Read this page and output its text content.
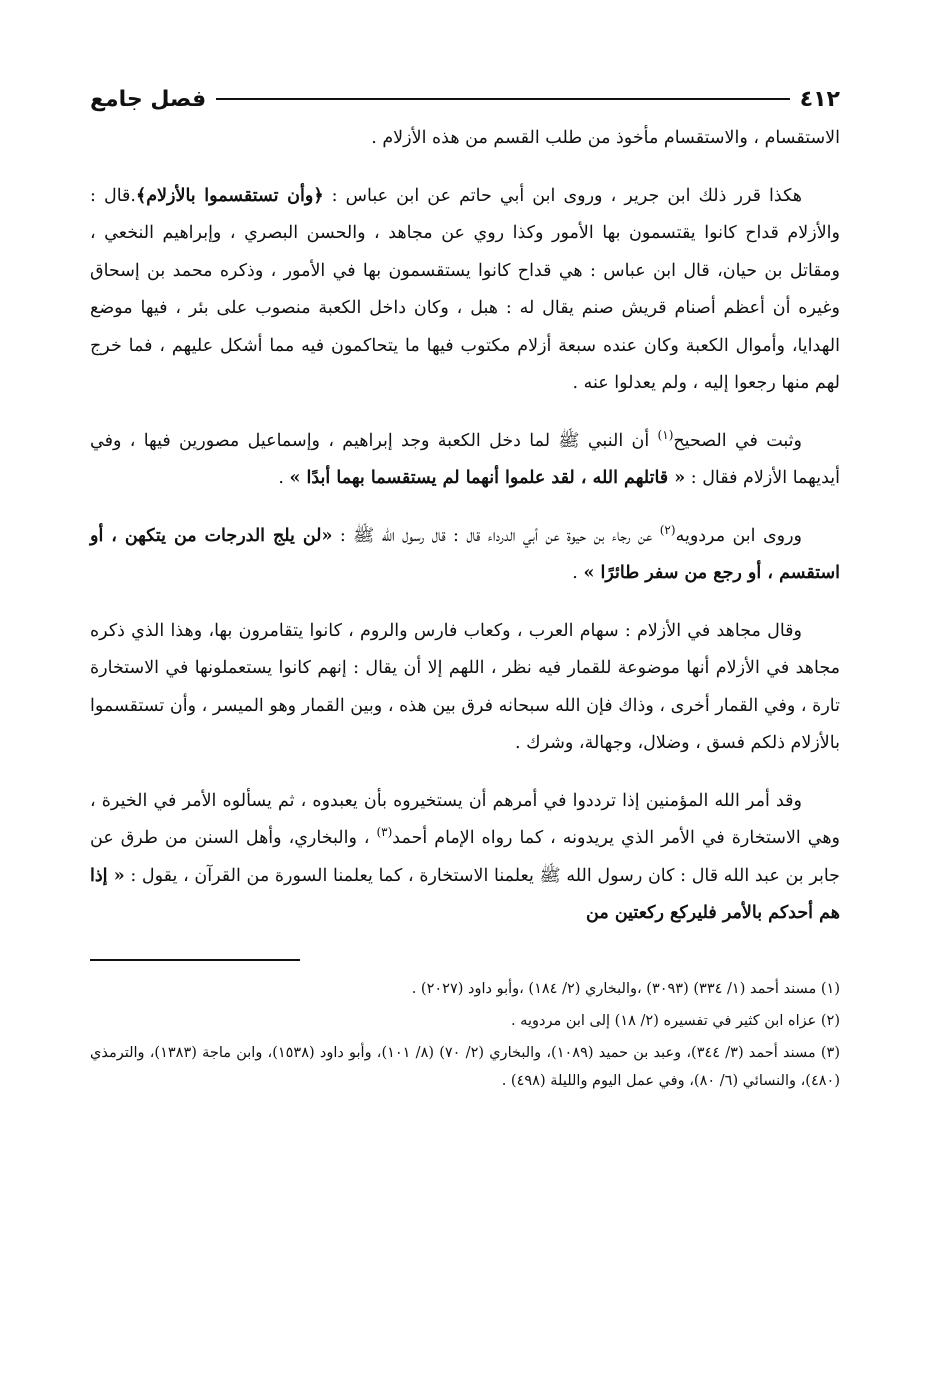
٤١٢
فصل جامع

الاستقسام ، والاستقسام مأخوذ من طلب القسم من هذه الأزلام .

هكذا قرر ذلك ابن جرير ، وروى ابن أبي حاتم عن ابن عباس : ﴿وأن تستقسموا بالأزلام﴾.قال : والأزلام قداح كانوا يقتسمون بها الأمور وكذا روي عن مجاهد ، والحسن البصري ، وإبراهيم النخعي ، ومقاتل بن حيان، قال ابن عباس : هي قداح كانوا يستقسمون بها في الأمور ، وذكره محمد بن إسحاق وغيره أن أعظم أصنام قريش صنم يقال له : هبل ، وكان داخل الكعبة منصوب على بئر ، فيها موضع الهدايا، وأموال الكعبة وكان عنده سبعة أزلام مكتوب فيها ما يتحاكمون فيه مما أشكل عليهم ، فما خرج لهم منها رجعوا إليه ، ولم يعدلوا عنه .

وثبت في الصحيح$^{(١)}$ أن النبي ﷺ لما دخل الكعبة وجد إبراهيم ، وإسماعيل مصورين فيها ، وفي أيديهما الأزلام فقال : « قاتلهم الله ، لقد علموا أنهما لم يستقسما بهما أبدًا » .

وروى ابن مردويه$^{(٢)}$ عن رجاء بن حيوة عن أبي الدرداء قال : قال رسول الله ﷺ : «لن يلج الدرجات من يتكهن ، أو استقسم ، أو رجع من سفر طائرًا » .

وقال مجاهد في الأزلام : سهام العرب ، وكعاب فارس والروم ، كانوا يتقامرون بها، وهذا الذي ذكره مجاهد في الأزلام أنها موضوعة للقمار فيه نظر ، اللهم إلا أن يقال : إنهم كانوا يستعملونها في الاستخارة تارة ، وفي القمار أخرى ، وذاك فإن الله سبحانه فرق بين هذه ، وبين القمار وهو الميسر ، وأن تستقسموا بالأزلام ذلكم فسق ، وضلال، وجهالة، وشرك .

وقد أمر الله المؤمنين إذا ترددوا في أمرهم أن يستخيروه بأن يعبدوه ، ثم يسألوه الأمر في الخيرة ، وهي الاستخارة في الأمر الذي يريدونه ، كما رواه الإمام أحمد$^{(٣)}$ ، والبخاري، وأهل السنن من طرق عن جابر بن عبد الله قال : كان رسول الله ﷺ يعلمنا الاستخارة ، كما يعلمنا السورة من القرآن ، يقول : « إذا هم أحدكم بالأمر فليركع ركعتين من

(١) مسند أحمد (١/ ٣٣٤) (٣٠٩٣) ،والبخاري (٢/ ١٨٤) ،وأبو داود (٢٠٢٧) .

(٢) عزاه ابن كثير في تفسيره (٢/ ١٨) إلى ابن مردويه .

(٣) مسند أحمد (٣/ ٣٤٤)، وعبد بن حميد (١٠٨٩)، والبخاري (٢/ ٧٠) (٨/ ١٠١)، وأبو داود (١٥٣٨)، وابن ماجة (١٣٨٣)، والترمذي (٤٨٠)، والنسائي (٦/ ٨٠)، وفي عمل اليوم والليلة (٤٩٨) .
